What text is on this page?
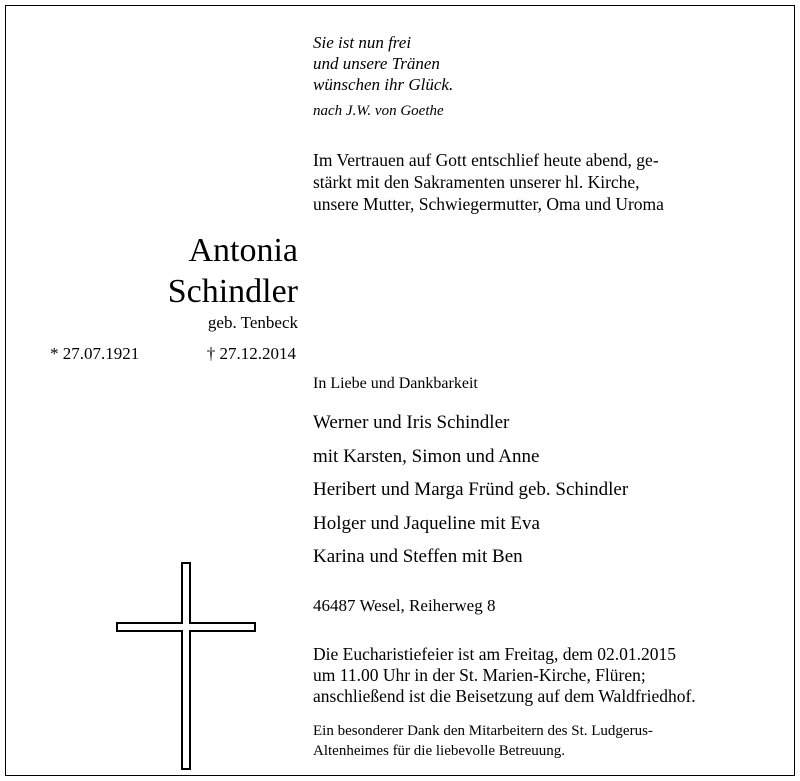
Sie ist nun frei
und unsere Tränen
wünschen ihr Glück.
nach J.W. von Goethe
Im Vertrauen auf Gott entschlief heute abend, ge-
stärkt mit den Sakramenten unserer hl. Kirche,
unsere Mutter, Schwiegermutter, Oma und Uroma
Antonia
Schindler
geb. Tenbeck
* 27.07.1921	† 27.12.2014
In Liebe und Dankbarkeit
Werner und Iris Schindler
mit Karsten, Simon und Anne
Heribert und Marga Fründ geb. Schindler
Holger und Jaqueline mit Eva
Karina und Steffen mit Ben
46487 Wesel, Reiherweg 8
Die Eucharistiefeier ist am Freitag, dem 02.01.2015
um 11.00 Uhr in der St. Marien-Kirche, Flüren;
anschließend ist die Beisetzung auf dem Waldfriedhof.
Ein besonderer Dank den Mitarbeitern des St. Ludgerus-
Altenheimes für die liebevolle Betreuung.
